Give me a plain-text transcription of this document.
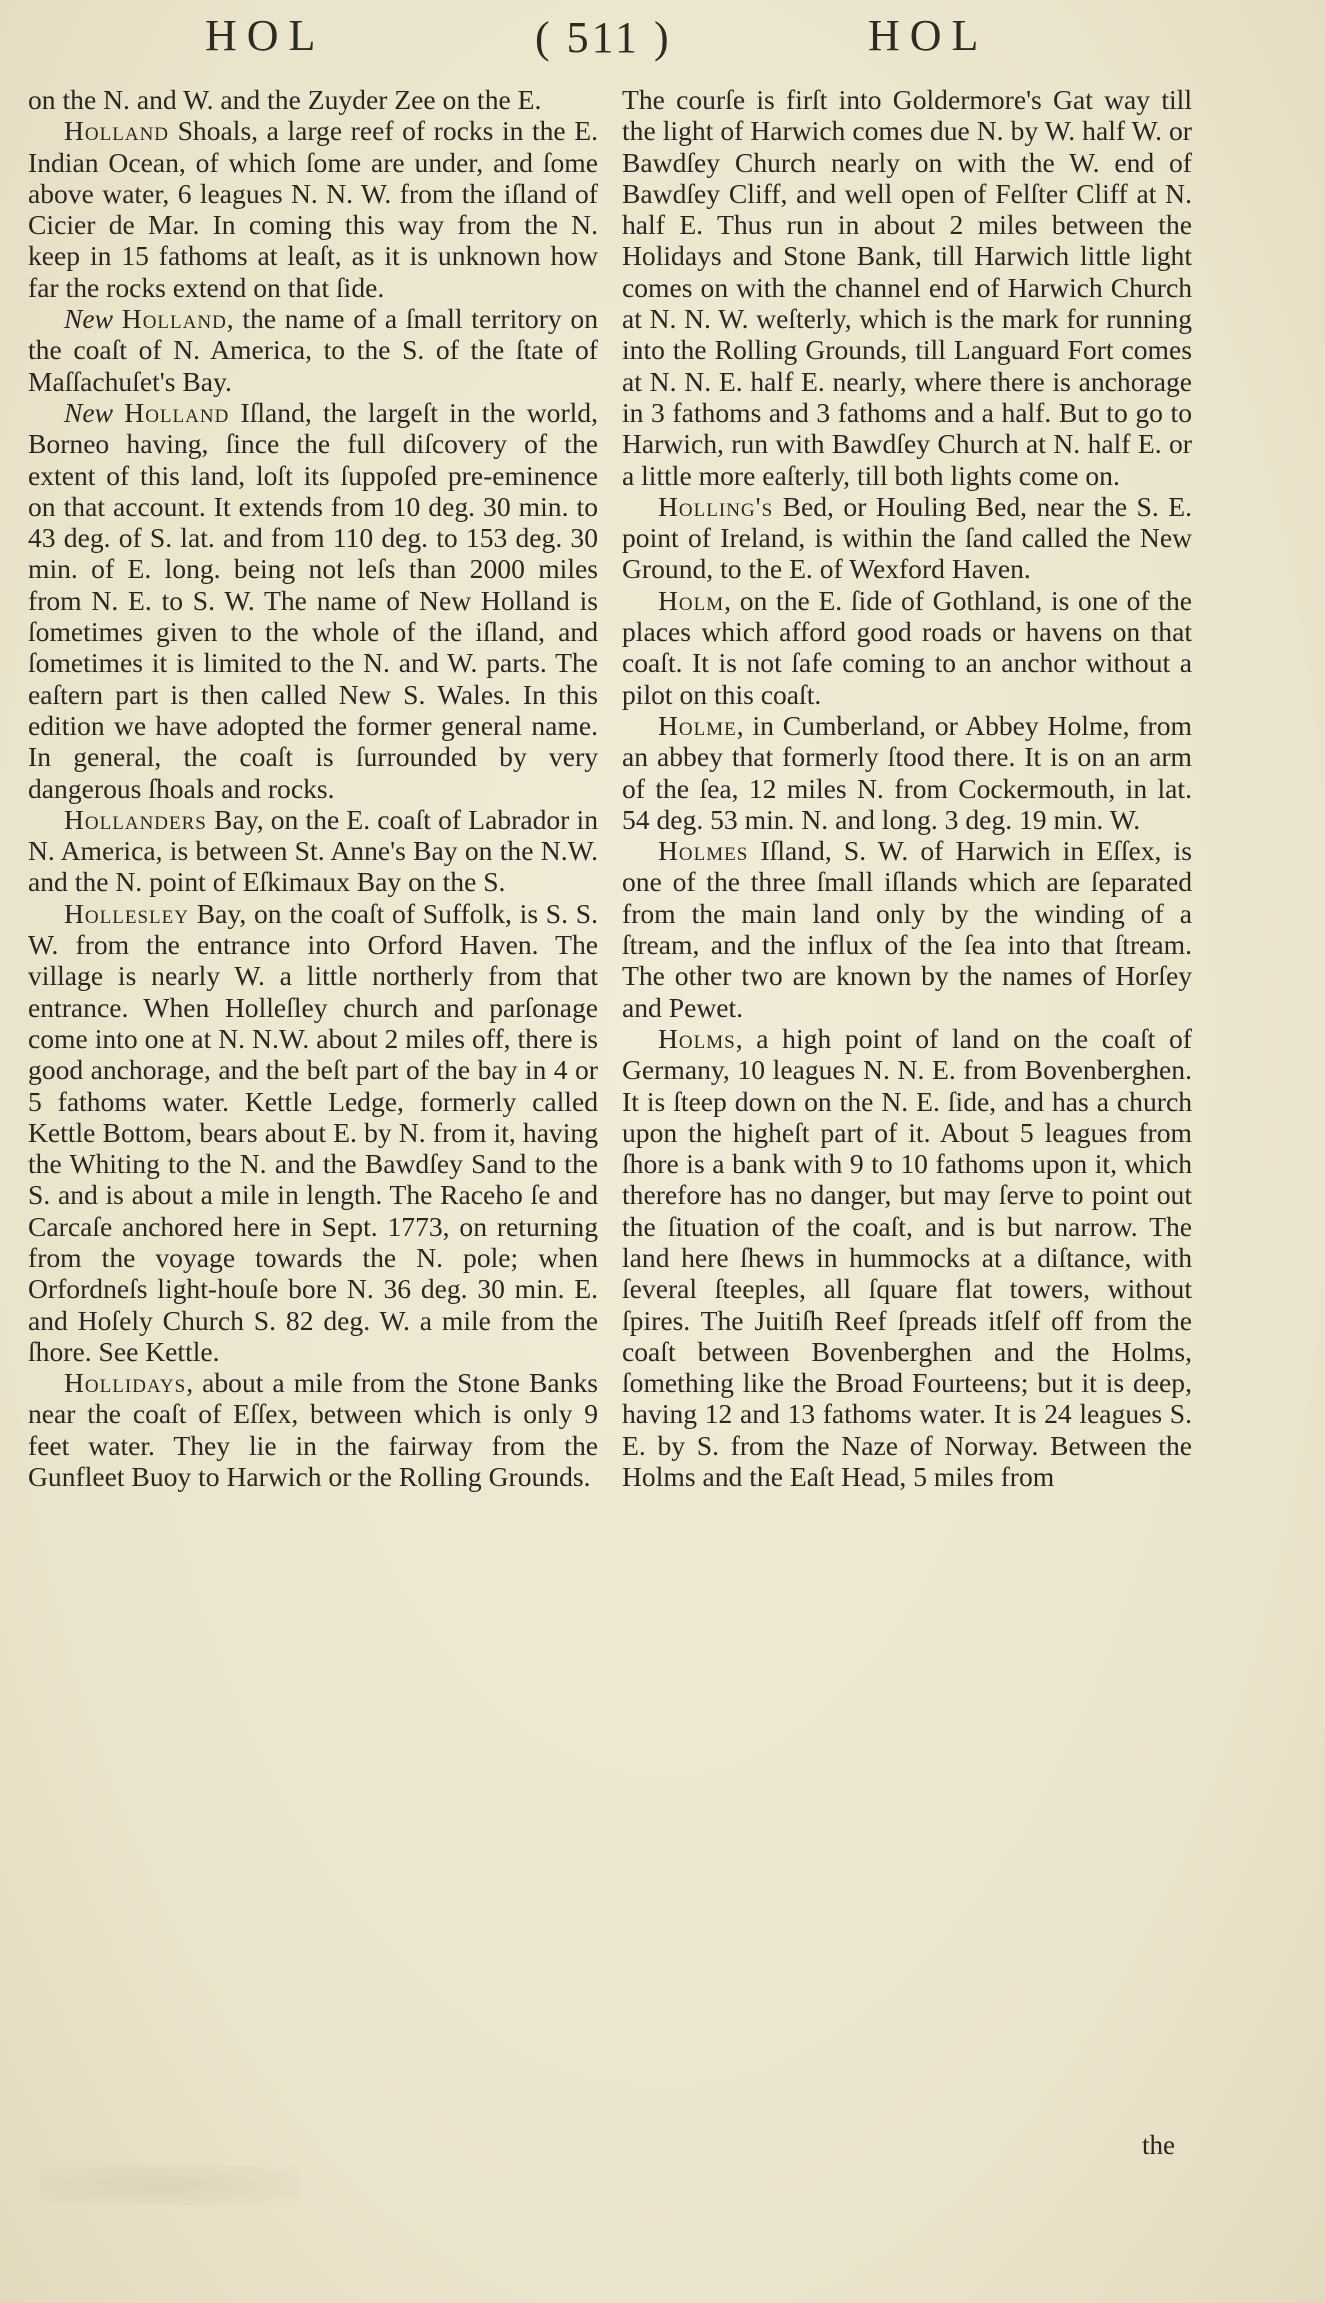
HOL	( 511 )	HOL

on the N. and W. and the Zuyder Zee on the E.

Holland Shoals, a large reef of rocks in the E. Indian Ocean, of which ſome are under, and ſome above water, 6 leagues N. N. W. from the iſland of Cicier de Mar. In coming this way from the N. keep in 15 fathoms at leaſt, as it is unknown how far the rocks extend on that ſide.

New Holland, the name of a ſmall territory on the coaſt of N. America, to the S. of the ſtate of Maſſachuſet's Bay.

New Holland Iſland, the largeſt in the world, Borneo having, ſince the full diſcovery of the extent of this land, loſt its ſuppoſed pre-eminence on that account. It extends from 10 deg. 30 min. to 43 deg. of S. lat. and from 110 deg. to 153 deg. 30 min. of E. long. being not leſs than 2000 miles from N. E. to S. W. The name of New Holland is ſometimes given to the whole of the iſland, and ſometimes it is limited to the N. and W. parts. The eaſtern part is then called New S. Wales. In this edition we have adopted the former general name. In general, the coaſt is ſurrounded by very dangerous ſhoals and rocks.

Hollanders Bay, on the E. coaſt of Labrador in N. America, is between St. Anne's Bay on the N.W. and the N. point of Eſkimaux Bay on the S.

Hollesley Bay, on the coaſt of Suffolk, is S. S. W. from the entrance into Orford Haven. The village is nearly W. a little northerly from that entrance. When Holleſley church and parſonage come into one at N. N.W. about 2 miles off, there is good anchorage, and the beſt part of the bay in 4 or 5 fathoms water. Kettle Ledge, formerly called Kettle Bottom, bears about E. by N. from it, having the Whiting to the N. and the Bawdſey Sand to the S. and is about a mile in length. The Raceho ſe and Carcaſe anchored here in Sept. 1773, on returning from the voyage towards the N. pole; when Orfordneſs light-houſe bore N. 36 deg. 30 min. E. and Hoſely Church S. 82 deg. W. a mile from the ſhore. See Kettle.

Hollidays, about a mile from the Stone Banks near the coaſt of Eſſex, between which is only 9 feet water. They lie in the fairway from the Gunfleet Buoy to Harwich or the Rolling Grounds.

The courſe is firſt into Goldermore's Gat way till the light of Harwich comes due N. by W. half W. or Bawdſey Church nearly on with the W. end of Bawdſey Cliff, and well open of Felſter Cliff at N. half E. Thus run in about 2 miles between the Holidays and Stone Bank, till Harwich little light comes on with the channel end of Harwich Church at N. N. W. weſterly, which is the mark for running into the Rolling Grounds, till Languard Fort comes at N. N. E. half E. nearly, where there is anchorage in 3 fathoms and 3 fathoms and a half. But to go to Harwich, run with Bawdſey Church at N. half E. or a little more eaſterly, till both lights come on.

Holling's Bed, or Houling Bed, near the S. E. point of Ireland, is within the ſand called the New Ground, to the E. of Wexford Haven.

Holm, on the E. ſide of Gothland, is one of the places which afford good roads or havens on that coaſt. It is not ſafe coming to an anchor without a pilot on this coaſt.

Holme, in Cumberland, or Abbey Holme, from an abbey that formerly ſtood there. It is on an arm of the ſea, 12 miles N. from Cockermouth, in lat. 54 deg. 53 min. N. and long. 3 deg. 19 min. W.

Holmes Iſland, S. W. of Harwich in Eſſex, is one of the three ſmall iſlands which are ſeparated from the main land only by the winding of a ſtream, and the influx of the ſea into that ſtream. The other two are known by the names of Horſey and Pewet.

Holms, a high point of land on the coaſt of Germany, 10 leagues N. N. E. from Bovenberghen. It is ſteep down on the N. E. ſide, and has a church upon the higheſt part of it. About 5 leagues from ſhore is a bank with 9 to 10 fathoms upon it, which therefore has no danger, but may ſerve to point out the ſituation of the coaſt, and is but narrow. The land here ſhews in hummocks at a diſtance, with ſeveral ſteeples, all ſquare flat towers, without ſpires. The Juitiſh Reef ſpreads itſelf off from the coaſt between Bovenberghen and the Holms, ſomething like the Broad Fourteens; but it is deep, having 12 and 13 fathoms water. It is 24 leagues S. E. by S. from the Naze of Norway. Between the Holms and the Eaſt Head, 5 miles from

the
